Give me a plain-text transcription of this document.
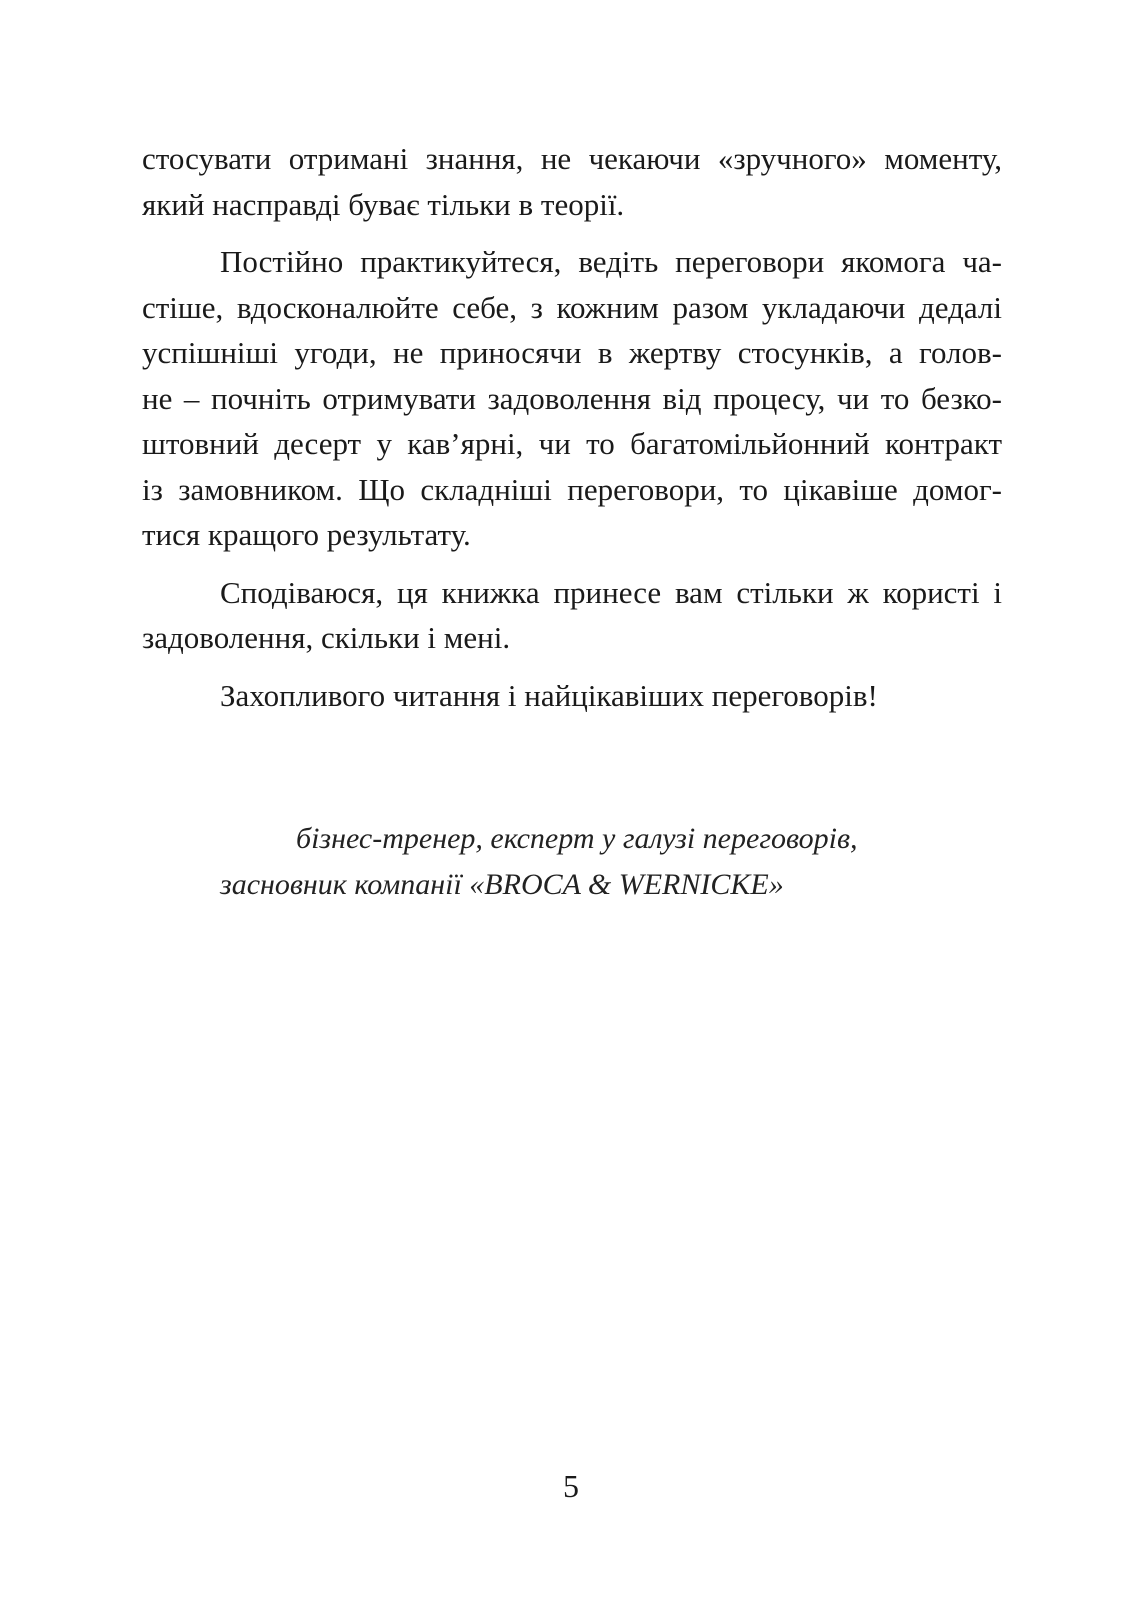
стосувати отримані знання, не чекаючи «зручного» моменту,
який насправді буває тільки в теорії.

Постійно практикуйтеся, ведіть переговори якомога ча-
стіше, вдосконалюйте себе, з кожним разом укладаючи дедалі
успішніші угоди, не приносячи в жертву стосунків, а голов-
не – почніть отримувати задоволення від процесу, чи то безко-
штовний десерт у кав’ярні, чи то багатомільйонний контракт
із замовником. Що складніші переговори, то цікавіше домог-
тися кращого результату.

Сподіваюся, ця книжка принесе вам стільки ж користі і
задоволення, скільки і мені.

Захопливого читання і найцікавіших переговорів!

бізнес-тренер, експерт у галузі переговорів,
засновник компанії «BROCA & WERNICKE»
5
